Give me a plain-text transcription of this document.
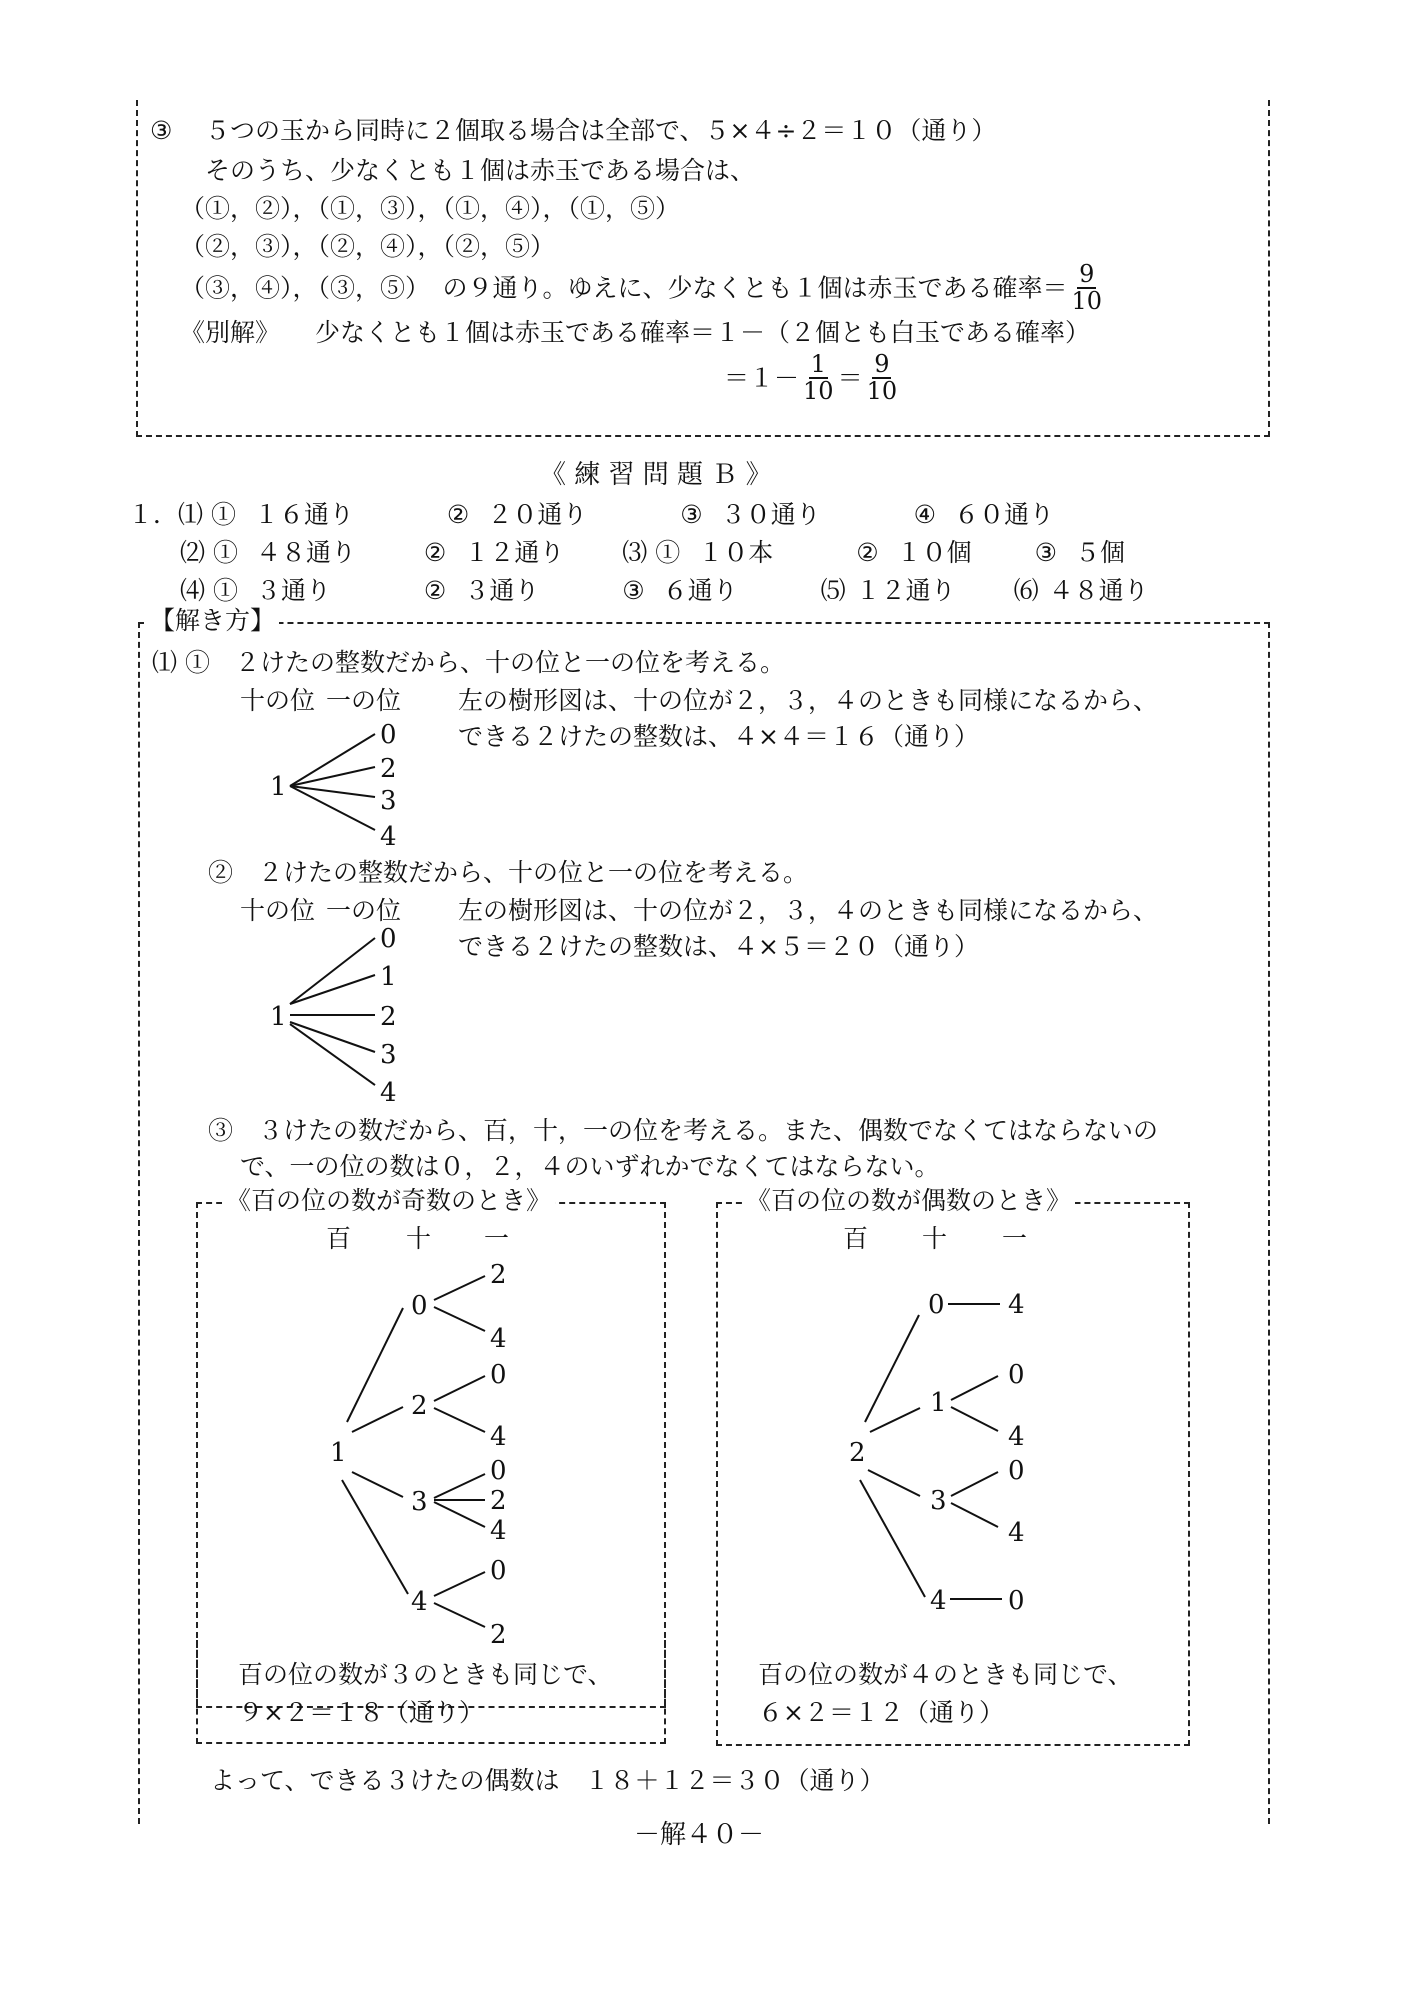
③ ５つの玉から同時に２個取る場合は全部で、５×４÷２＝１０（通り）
そのうち、少なくとも１個は赤玉である場合は、
（①，②），（①，③），（①，④），（①，⑤）
（②，③），（②，④），（②，⑤）
（③，④），（③，⑤）　の９通り。ゆえに、少なくとも１個は赤玉である確率＝ $\frac{9}{10}$
《別解》 少なくとも１個は赤玉である確率＝１－（２個とも白玉である確率）
$=1- \frac{1}{10} = \frac{9}{10}$
《 練 習 問 題 Ｂ 》
１．⑴ ① １６通り	② ２０通り	③ ３０通り	④ ６０通り
⑵ ① ４８通り	② １２通り ⑶ ① １０本	② １０個	③ ５個
⑷ ① ３通り	② ３通り	③ ６通り	⑸ １２通り ⑹ ４８通り
【解き方】
⑴ ①　２けたの整数だから、十の位と一の位を考える。
十の位 一の位 左の樹形図は、十の位が２，３，４のときも同様になるから、
できる２けたの整数は、４×４＝１６（通り）
1
0
2
3
4
②　２けたの整数だから、十の位と一の位を考える。
十の位 一の位 左の樹形図は、十の位が２，３，４のときも同様になるから、
できる２けたの整数は、４×５＝２０（通り）
1
0
1
2
3
4
③　３けたの数だから、百，十，一の位を考える。また、偶数でなくてはならないの
で、一の位の数は０，２，４のいずれかでなくてはならない。
《百の位の数が奇数のとき》
百 十 一
1
0
2
3
4
2
4
0
4
0
2
4
0
2
百の位の数が３のときも同じで、
９×２＝１８（通り）
《百の位の数が偶数のとき》
百 十 一
2
0
1
3
4
4
0
4
0
4
0
百の位の数が４のときも同じで、
６×２＝１２（通り）
よって、できる３けたの偶数は　１８＋１２＝３０（通り）
－解４０－
